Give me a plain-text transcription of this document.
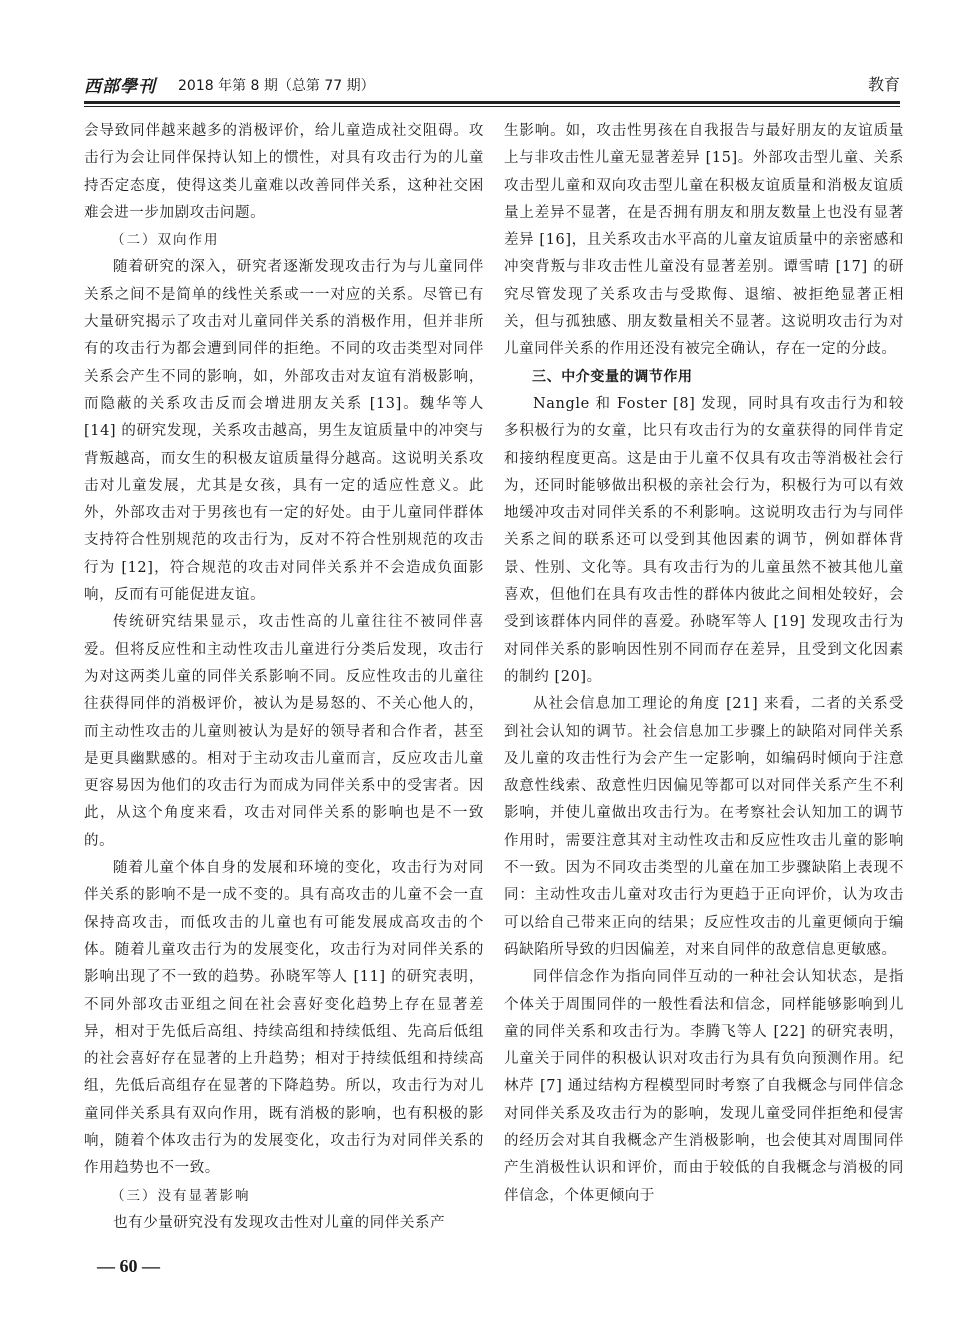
西部學刊 2018 年第 8 期（总第 77 期）	教育

会导致同伴越来越多的消极评价，给儿童造成社交阻碍。攻击行为会让同伴保持认知上的惯性，对具有攻击行为的儿童持否定态度，使得这类儿童难以改善同伴关系，这种社交困难会进一步加剧攻击问题。

（二）双向作用

随着研究的深入，研究者逐渐发现攻击行为与儿童同伴关系之间不是简单的线性关系或一一对应的关系。尽管已有大量研究揭示了攻击对儿童同伴关系的消极作用，但并非所有的攻击行为都会遭到同伴的拒绝。不同的攻击类型对同伴关系会产生不同的影响，如，外部攻击对友谊有消极影响，而隐蔽的关系攻击反而会增进朋友关系 [13]。魏华等人 [14] 的研究发现，关系攻击越高，男生友谊质量中的冲突与背叛越高，而女生的积极友谊质量得分越高。这说明关系攻击对儿童发展，尤其是女孩，具有一定的适应性意义。此外，外部攻击对于男孩也有一定的好处。由于儿童同伴群体支持符合性别规范的攻击行为，反对不符合性别规范的攻击行为 [12]，符合规范的攻击对同伴关系并不会造成负面影响，反而有可能促进友谊。

传统研究结果显示，攻击性高的儿童往往不被同伴喜爱。但将反应性和主动性攻击儿童进行分类后发现，攻击行为对这两类儿童的同伴关系影响不同。反应性攻击的儿童往往获得同伴的消极评价，被认为是易怒的、不关心他人的，而主动性攻击的儿童则被认为是好的领导者和合作者，甚至是更具幽默感的。相对于主动攻击儿童而言，反应攻击儿童更容易因为他们的攻击行为而成为同伴关系中的受害者。因此，从这个角度来看，攻击对同伴关系的影响也是不一致的。

随着儿童个体自身的发展和环境的变化，攻击行为对同伴关系的影响不是一成不变的。具有高攻击的儿童不会一直保持高攻击，而低攻击的儿童也有可能发展成高攻击的个体。随着儿童攻击行为的发展变化，攻击行为对同伴关系的影响出现了不一致的趋势。孙晓军等人 [11] 的研究表明，不同外部攻击亚组之间在社会喜好变化趋势上存在显著差异，相对于先低后高组、持续高组和持续低组、先高后低组的社会喜好存在显著的上升趋势；相对于持续低组和持续高组，先低后高组存在显著的下降趋势。所以，攻击行为对儿童同伴关系具有双向作用，既有消极的影响，也有积极的影响，随着个体攻击行为的发展变化，攻击行为对同伴关系的作用趋势也不一致。

（三）没有显著影响

也有少量研究没有发现攻击性对儿童的同伴关系产

生影响。如，攻击性男孩在自我报告与最好朋友的友谊质量上与非攻击性儿童无显著差异 [15]。外部攻击型儿童、关系攻击型儿童和双向攻击型儿童在积极友谊质量和消极友谊质量上差异不显著，在是否拥有朋友和朋友数量上也没有显著差异 [16]，且关系攻击水平高的儿童友谊质量中的亲密感和冲突背叛与非攻击性儿童没有显著差别。谭雪晴 [17] 的研究尽管发现了关系攻击与受欺侮、退缩、被拒绝显著正相关，但与孤独感、朋友数量相关不显著。这说明攻击行为对儿童同伴关系的作用还没有被完全确认，存在一定的分歧。

三、中介变量的调节作用

Nangle 和 Foster [8] 发现，同时具有攻击行为和较多积极行为的女童，比只有攻击行为的女童获得的同伴肯定和接纳程度更高。这是由于儿童不仅具有攻击等消极社会行为，还同时能够做出积极的亲社会行为，积极行为可以有效地缓冲攻击对同伴关系的不利影响。这说明攻击行为与同伴关系之间的联系还可以受到其他因素的调节，例如群体背景、性别、文化等。具有攻击行为的儿童虽然不被其他儿童喜欢，但他们在具有攻击性的群体内彼此之间相处较好，会受到该群体内同伴的喜爱。孙晓军等人 [19] 发现攻击行为对同伴关系的影响因性别不同而存在差异，且受到文化因素的制约 [20]。

从社会信息加工理论的角度 [21] 来看，二者的关系受到社会认知的调节。社会信息加工步骤上的缺陷对同伴关系及儿童的攻击性行为会产生一定影响，如编码时倾向于注意敌意性线索、敌意性归因偏见等都可以对同伴关系产生不利影响，并使儿童做出攻击行为。在考察社会认知加工的调节作用时，需要注意其对主动性攻击和反应性攻击儿童的影响不一致。因为不同攻击类型的儿童在加工步骤缺陷上表现不同：主动性攻击儿童对攻击行为更趋于正向评价，认为攻击可以给自己带来正向的结果；反应性攻击的儿童更倾向于编码缺陷所导致的归因偏差，对来自同伴的敌意信息更敏感。

同伴信念作为指向同伴互动的一种社会认知状态，是指个体关于周围同伴的一般性看法和信念，同样能够影响到儿童的同伴关系和攻击行为。李腾飞等人 [22] 的研究表明，儿童关于同伴的积极认识对攻击行为具有负向预测作用。纪林芹 [7] 通过结构方程模型同时考察了自我概念与同伴信念对同伴关系及攻击行为的影响，发现儿童受同伴拒绝和侵害的经历会对其自我概念产生消极影响，也会使其对周围同伴产生消极性认识和评价，而由于较低的自我概念与消极的同伴信念，个体更倾向于

— 60 —
